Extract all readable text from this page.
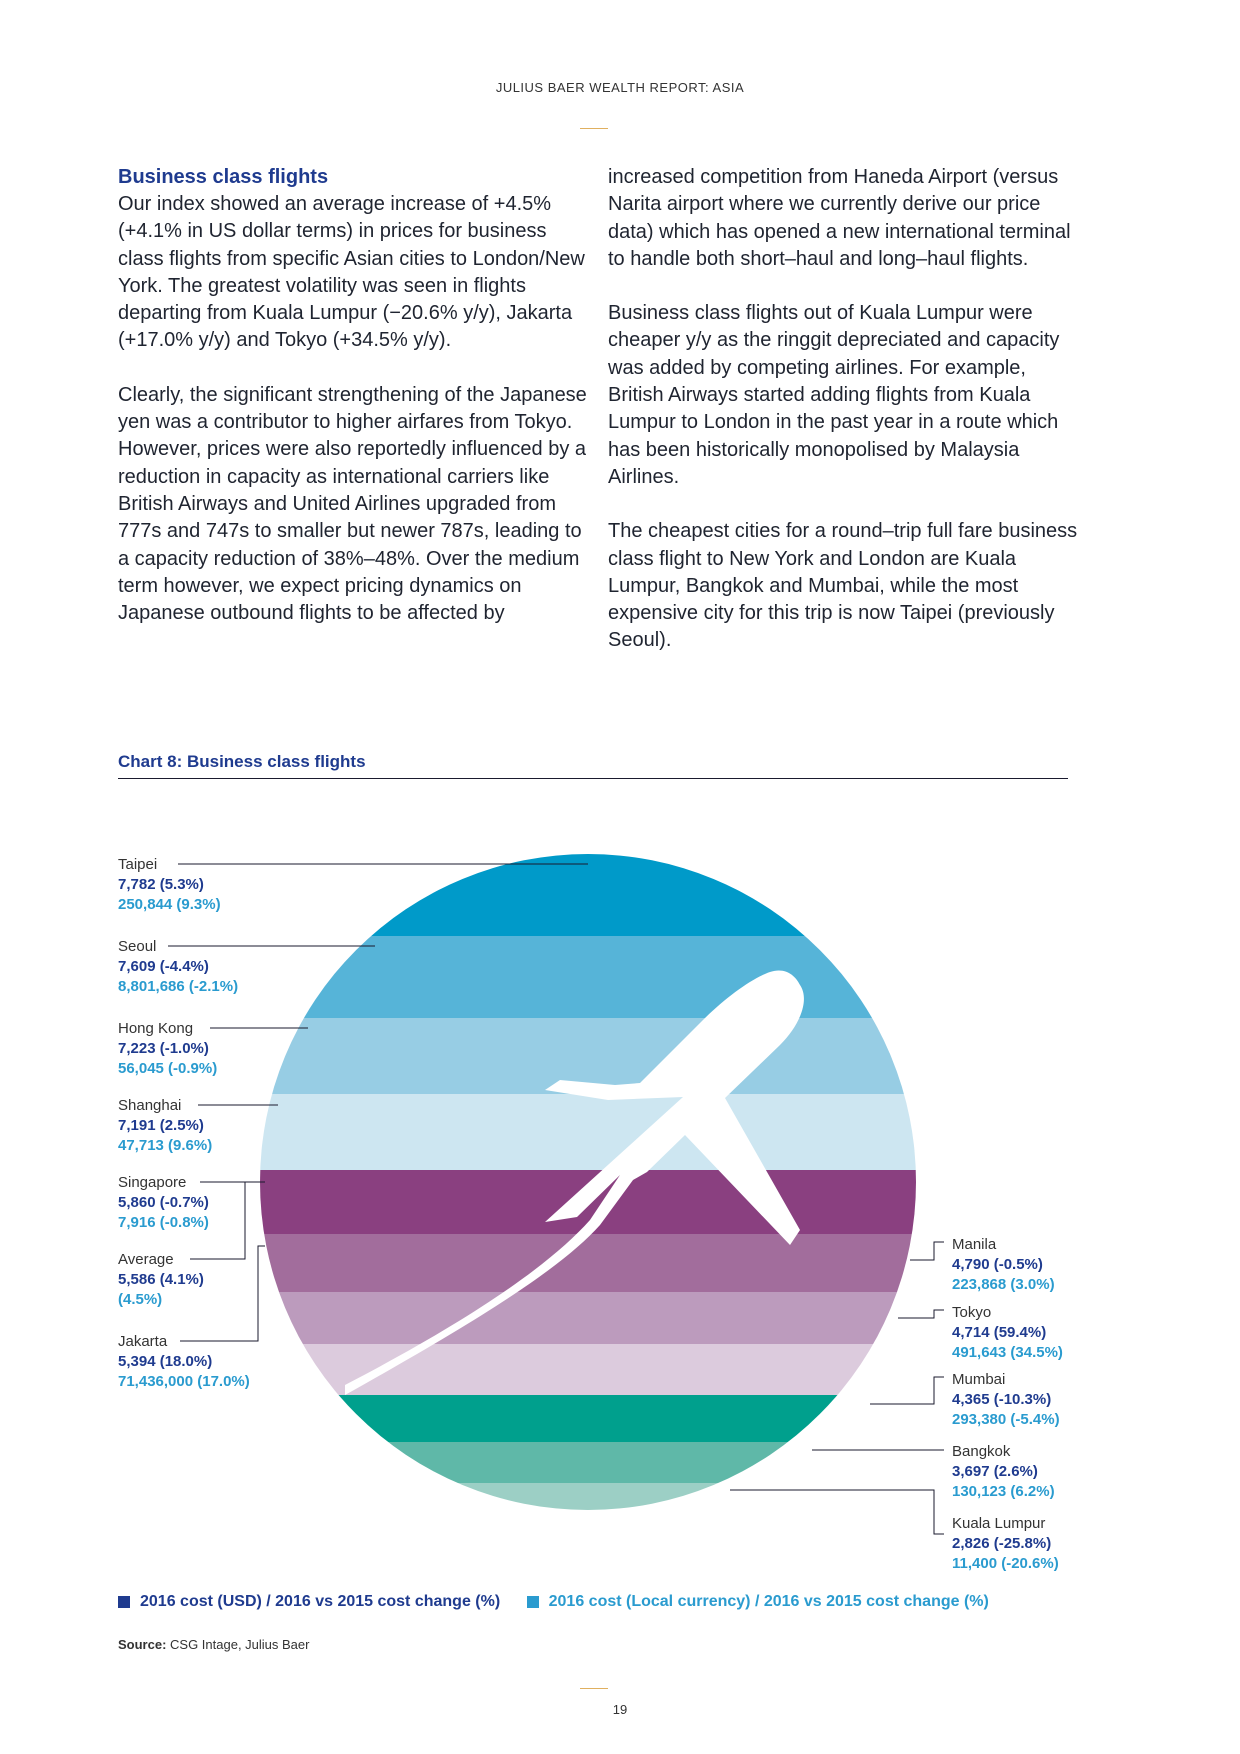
JULIUS BAER WEALTH REPORT: ASIA
Business class flights

Our index showed an average increase of +4.5% (+4.1% in US dollar terms) in prices for business class flights from specific Asian cities to London/New York. The greatest volatility was seen in flights departing from Kuala Lumpur (−20.6% y/y), Jakarta (+17.0% y/y) and Tokyo (+34.5% y/y).

Clearly, the significant strengthening of the Japanese yen was a contributor to higher airfares from Tokyo. However, prices were also reportedly influenced by a reduction in capacity as international carriers like British Airways and United Airlines upgraded from 777s and 747s to smaller but newer 787s, leading to a capacity reduction of 38%–48%. Over the medium term however, we expect pricing dynamics on Japanese outbound flights to be affected by

increased competition from Haneda Airport (versus Narita airport where we currently derive our price data) which has opened a new international terminal to handle both short–haul and long–haul flights.

Business class flights out of Kuala Lumpur were cheaper y/y as the ringgit depreciated and capacity was added by competing airlines. For example, British Airways started adding flights from Kuala Lumpur to London in the past year in a route which has been historically monopolised by Malaysia Airlines.

The cheapest cities for a round–trip full fare business class flight to New York and London are Kuala Lumpur, Bangkok and Mumbai, while the most expensive city for this trip is now Taipei (previously Seoul).

Chart 8: Business class flights
Taipei
7,782 (5.3%)
250,844 (9.3%)
Seoul
7,609 (-4.4%)
8,801,686 (-2.1%)
Hong Kong
7,223 (-1.0%)
56,045 (-0.9%)
Shanghai
7,191 (2.5%)
47,713 (9.6%)
Singapore
5,860 (-0.7%)
7,916 (-0.8%)
Average
5,586 (4.1%)
(4.5%)
Jakarta
5,394 (18.0%)
71,436,000 (17.0%)
Manila
4,790 (-0.5%)
223,868 (3.0%)
Tokyo
4,714 (59.4%)
491,643 (34.5%)
Mumbai
4,365 (-10.3%)
293,380 (-5.4%)
Bangkok
3,697 (2.6%)
130,123 (6.2%)
Kuala Lumpur
2,826 (-25.8%)
11,400 (-20.6%)
2016 cost (USD) / 2016 vs 2015 cost change (%)
	2016 cost (Local currency) / 2016 vs 2015 cost change (%)
Source: CSG Intage, Julius Baer
19
